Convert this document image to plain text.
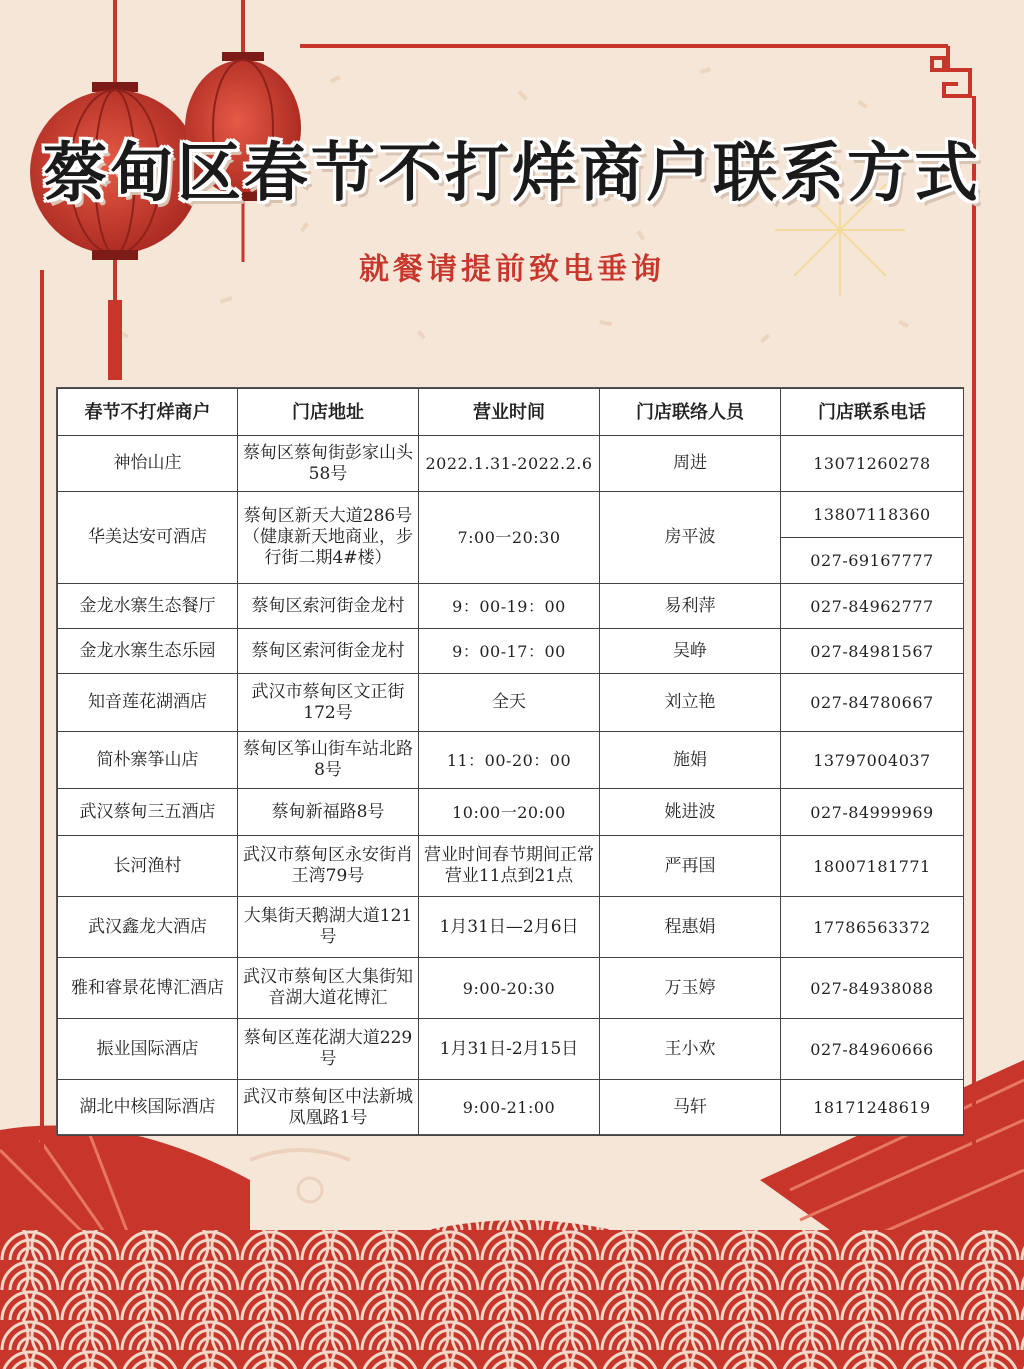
蔡甸区春节不打烊商户联系方式
就餐请提前致电垂询
春节不打烊商户	门店地址	营业时间	门店联络人员	门店联系电话
神怡山庄	蔡甸区蔡甸街彭家山头58号	2022.1.31-2022.2.6	周进	13071260278
华美达安可酒店	蔡甸区新天大道286号（健康新天地商业，步行街二期4#楼）	7:00一20:30	房平波	13807118360
				027-69167777
金龙水寨生态餐厅	蔡甸区索河街金龙村	9：00-19：00	易利萍	027-84962777
金龙水寨生态乐园	蔡甸区索河街金龙村	9：00-17：00	吴峥	027-84981567
知音莲花湖酒店	武汉市蔡甸区文正街172号	全天	刘立艳	027-84780667
简朴寨筝山店	蔡甸区筝山街车站北路8号	11：00-20：00	施娟	13797004037
武汉蔡甸三五酒店	蔡甸新福路8号	10:00一20:00	姚进波	027-84999969
长河渔村	武汉市蔡甸区永安街肖王湾79号	营业时间春节期间正常营业11点到21点	严再国	18007181771
武汉鑫龙大酒店	大集街天鹅湖大道121号	1月31日—2月6日	程惠娟	17786563372
雅和睿景花博汇酒店	武汉市蔡甸区大集街知音湖大道花博汇	9:00-20:30	万玉婷	027-84938088
振业国际酒店	蔡甸区莲花湖大道229号	1月31日-2月15日	王小欢	027-84960666
湖北中核国际酒店	武汉市蔡甸区中法新城凤凰路1号	9:00-21:00	马轩	18171248619
